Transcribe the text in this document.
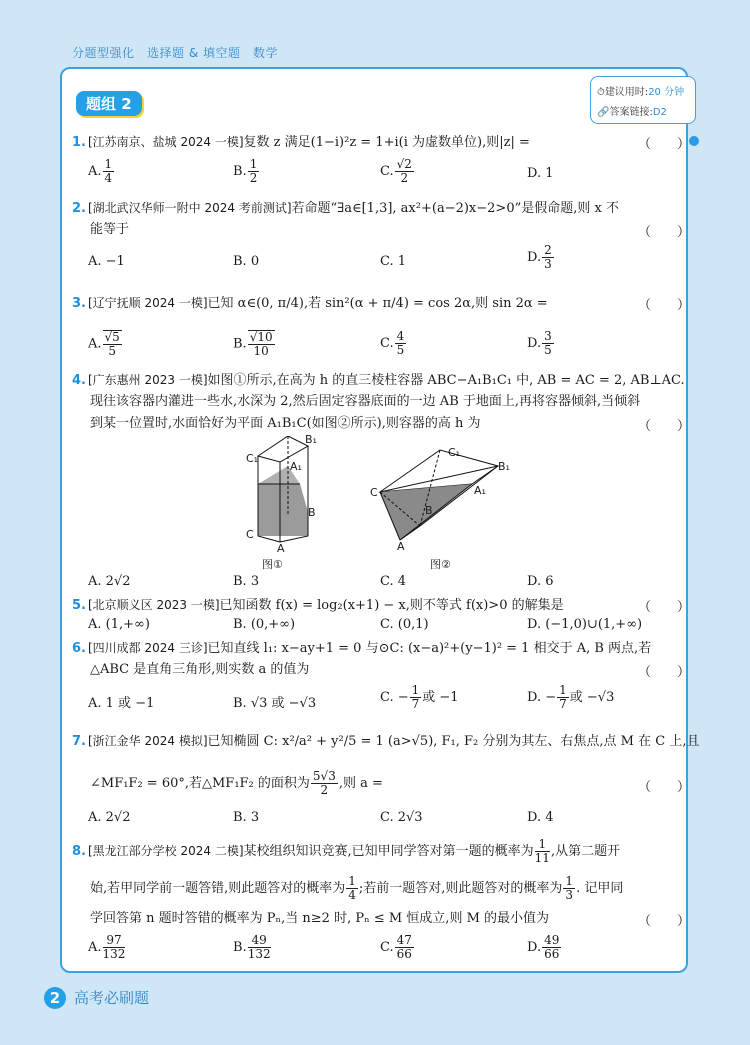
分题型强化　选择题 & 填空题　数学
题组 2
⏱建议用时:20 分钟
🔗答案链接:D2
1. [江苏南京、盐城 2024 一模]复数 z 满足(1−i)²z = 1+i(i 为虚数单位),则|z| =	（　　）
A. $\frac{1}{4}$	B. $\frac{1}{2}$	C. $\frac{√2}{2}$	D. 1
2. [湖北武汉华师一附中 2024 考前测试]若命题“∃a∈[1,3], ax²+(a−2)x−2>0”是假命题,则 x 不
能等于	（　　）
A. −1	B. 0	C. 1	D. $\frac{2}{3}$
3. [辽宁抚顺 2024 一模]已知 α∈(0, π/4),若 sin²(α + π/4) = cos 2α,则 sin 2α =	（　　）
A. $\frac{√5}{5}$	B. $\frac{√10}{10}$	C. $\frac{4}{5}$	D. $\frac{3}{5}$
4. [广东惠州 2023 一模]如图①所示,在高为 h 的直三棱柱容器 ABC−A₁B₁C₁ 中, AB = AC = 2, AB⊥AC.
现往该容器内灌进一些水,水深为 2,然后固定容器底面的一边 AB 于地面上,再将容器倾斜,当倾斜
到某一位置时,水面恰好为平面 A₁B₁C(如图②所示),则容器的高 h 为	（　　）
B₁
C₁
A₁
C
B
A
C₁
B₁
A₁
C
B
A
图①	图②
A. 2√2	B. 3	C. 4	D. 6
5. [北京顺义区 2023 一模]已知函数 f(x) = log₂(x+1) − x,则不等式 f(x)>0 的解集是	（　　）
A. (1,+∞)	B. (0,+∞)	C. (0,1)	D. (−1,0)∪(1,+∞)
6. [四川成都 2024 三诊]已知直线 l₁: x−ay+1 = 0 与⊙C: (x−a)²+(y−1)² = 1 相交于 A, B 两点,若
△ABC 是直角三角形,则实数 a 的值为	（　　）
A. 1 或 −1	B. √3 或 −√3	C. − $\frac{1}{7}$ 或 −1	D. − $\frac{1}{7}$ 或 −√3
7. [浙江金华 2024 模拟]已知椭圆 C: x²/a² + y²/5 = 1 (a>√5), F₁, F₂ 分别为其左、右焦点,点 M 在 C 上,且
∠MF₁F₂ = 60°,若△MF₁F₂ 的面积为 $\frac{5√3}{2}$ ,则 a =	（　　）
A. 2√2	B. 3	C. 2√3	D. 4
8. [黑龙江部分学校 2024 二模]某校组织知识竞赛,已知甲同学答对第一题的概率为 $\frac{1}{11}$ ,从第二题开
始,若甲同学前一题答错,则此题答对的概率为 $\frac{1}{4}$ ;若前一题答对,则此题答对的概率为 $\frac{1}{3}$ . 记甲同
学回答第 n 题时答错的概率为 Pₙ,当 n≥2 时, Pₙ ≤ M 恒成立,则 M 的最小值为	（　　）
A. $\frac{97}{132}$	B. $\frac{49}{132}$	C. $\frac{47}{66}$	D. $\frac{49}{66}$
2 高考必刷题
